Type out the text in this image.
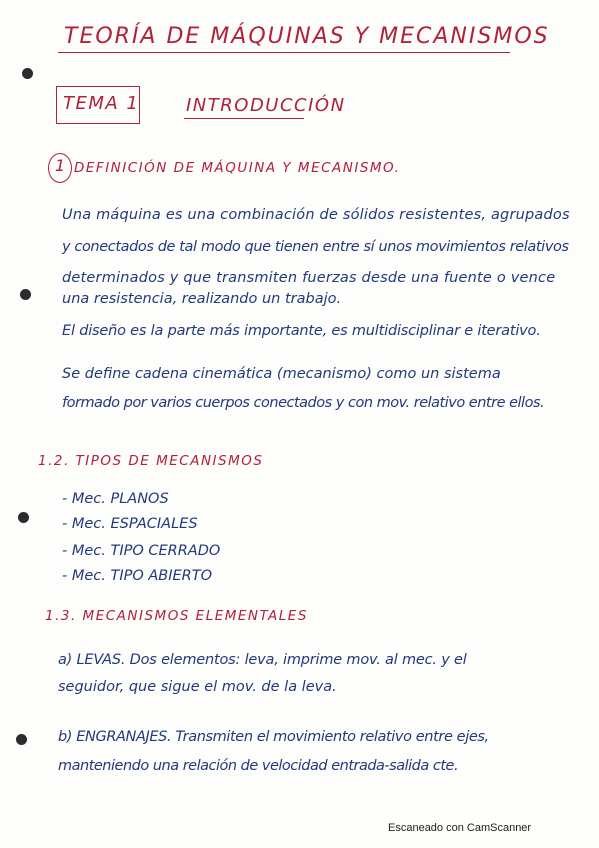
TEORÍA DE MÁQUINAS Y MECANISMOS
TEMA 1	INTRODUCCIÓN
1 DEFINICIÓN DE MÁQUINA Y MECANISMO.
Una máquina es una combinación de sólidos resistentes, agrupados
y conectados de tal modo que tienen entre sí unos movimientos relativos
determinados y que transmiten fuerzas desde una fuente o vence
una resistencia, realizando un trabajo.
El diseño es la parte más importante, es multidisciplinar e iterativo.
Se define cadena cinemática (mecanismo) como un sistema
formado por varios cuerpos conectados y con mov. relativo entre ellos.
1.2. TIPOS DE MECANISMOS
- Mec. PLANOS
- Mec. ESPACIALES
- Mec. TIPO CERRADO
- Mec. TIPO ABIERTO
1.3. MECANISMOS ELEMENTALES
a) LEVAS. Dos elementos: leva, imprime mov. al mec. y el
seguidor, que sigue el mov. de la leva.
b) ENGRANAJES. Transmiten el movimiento relativo entre ejes,
manteniendo una relación de velocidad entrada-salida cte.
Escaneado con CamScanner
